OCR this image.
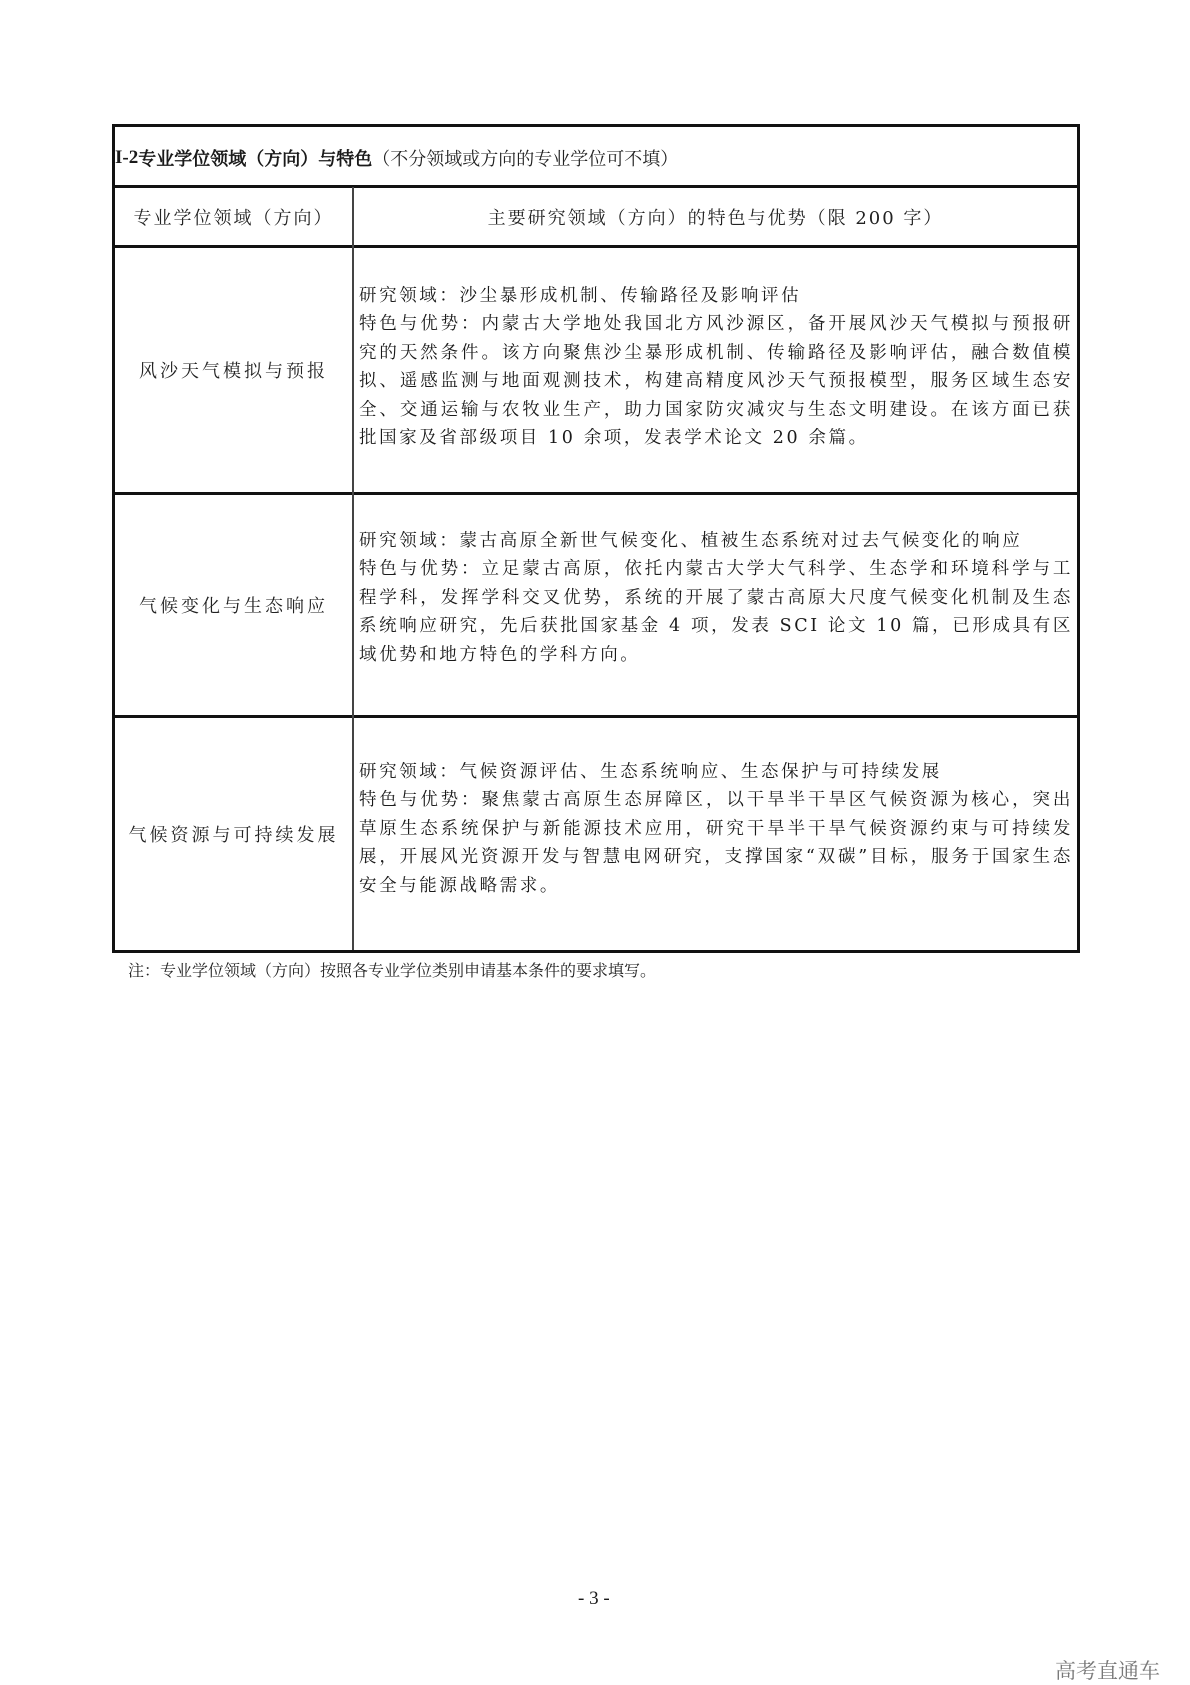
I-2 专业学位领域（方向）与特色 （不分领域或方向的专业学位可不填）
专业学位领域（方向）	主要研究领域（方向）的特色与优势（限 200 字）
风沙天气模拟与预报
研究领域：沙尘暴形成机制、传输路径及影响评估
特色与优势：内蒙古大学地处我国北方风沙源区，备开展风沙天气模拟与预报研究的天然条件。该方向聚焦沙尘暴形成机制、传输路径及影响评估，融合数值模拟、遥感监测与地面观测技术，构建高精度风沙天气预报模型，服务区域生态安全、交通运输与农牧业生产，助力国家防灾减灾与生态文明建设。在该方面已获批国家及省部级项目 10 余项，发表学术论文 20 余篇。
气候变化与生态响应
研究领域：蒙古高原全新世气候变化、植被生态系统对过去气候变化的响应
特色与优势：立足蒙古高原，依托内蒙古大学大气科学、生态学和环境科学与工程学科，发挥学科交叉优势，系统的开展了蒙古高原大尺度气候变化机制及生态系统响应研究，先后获批国家基金 4 项，发表 SCI 论文 10 篇，已形成具有区域优势和地方特色的学科方向。
气候资源与可持续发展
研究领域：气候资源评估、生态系统响应、生态保护与可持续发展
特色与优势：聚焦蒙古高原生态屏障区，以干旱半干旱区气候资源为核心，突出草原生态系统保护与新能源技术应用，研究干旱半干旱气候资源约束与可持续发展，开展风光资源开发与智慧电网研究，支撑国家“双碳”目标，服务于国家生态安全与能源战略需求。
注：专业学位领域（方向）按照各专业学位类别申请基本条件的要求填写。
- 3 -
高考直通车
